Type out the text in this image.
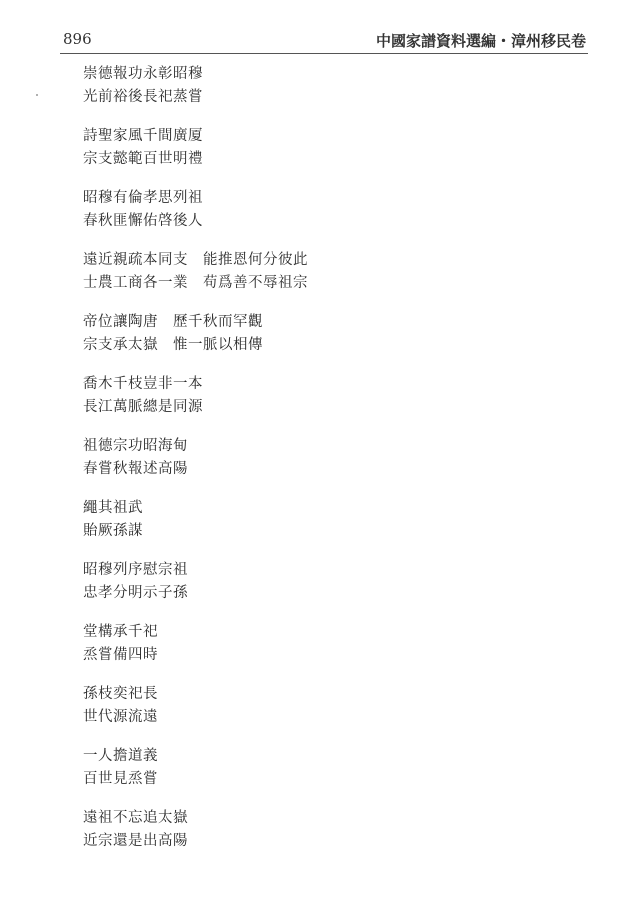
896	中國家譜資料選編・漳州移民卷
崇德報功永彰昭穆
光前裕後長祀蒸嘗
詩聖家風千間廣厦
宗支懿範百世明禮
昭穆有倫孝思列祖
春秋匪懈佑啓後人
遠近親疏本同支　能推恩何分彼此
士農工商各一業　苟爲善不辱祖宗
帝位讓陶唐　歷千秋而罕觀
宗支承太嶽　惟一脈以相傳
喬木千枝豈非一本
長江萬脈總是同源
祖德宗功昭海甸
春嘗秋報述高陽
繩其祖武
貽厥孫謀
昭穆列序慰宗祖
忠孝分明示子孫
堂構承千祀
烝嘗備四時
孫枝奕祀長
世代源流遠
一人擔道義
百世見烝嘗
遠祖不忘追太嶽
近宗還是出高陽
